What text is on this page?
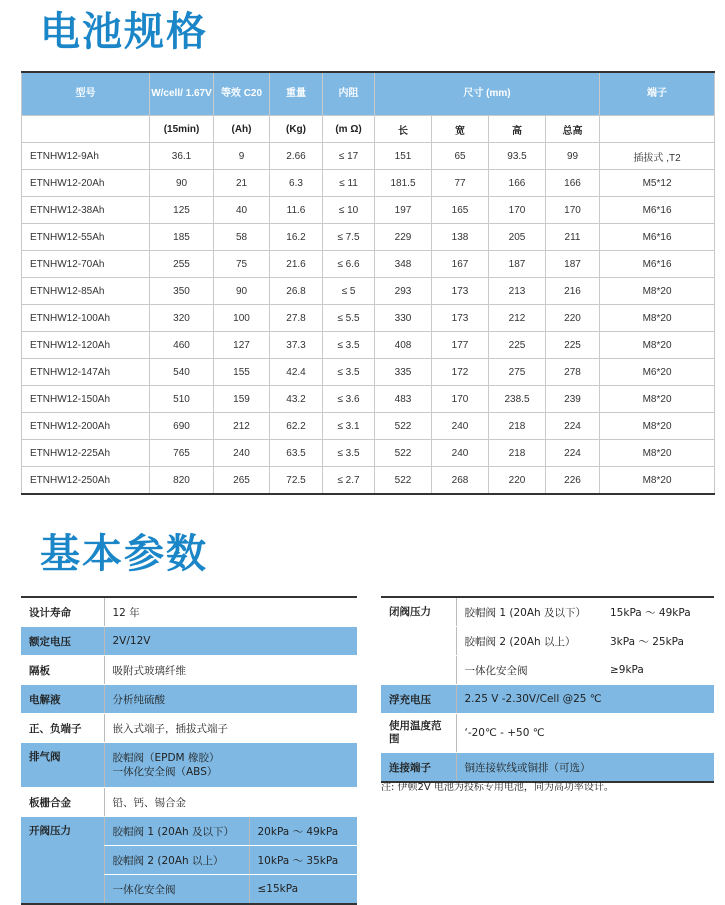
电池规格
型号	W/cell/ 1.67V	等效 C20	重量	内阻	尺寸 (mm)				端子
	(15min)	(Ah)	(Kg)	(m Ω)	长	宽	高	总高	
ETNHW12-9Ah	36.1	9	2.66	≤ 17	151	65	93.5	99	插拔式 ,T2
ETNHW12-20Ah	90	21	6.3	≤ 11	181.5	77	166	166	M5*12
ETNHW12-38Ah	125	40	11.6	≤ 10	197	165	170	170	M6*16
ETNHW12-55Ah	185	58	16.2	≤ 7.5	229	138	205	211	M6*16
ETNHW12-70Ah	255	75	21.6	≤ 6.6	348	167	187	187	M6*16
ETNHW12-85Ah	350	90	26.8	≤ 5	293	173	213	216	M8*20
ETNHW12-100Ah	320	100	27.8	≤ 5.5	330	173	212	220	M8*20
ETNHW12-120Ah	460	127	37.3	≤ 3.5	408	177	225	225	M8*20
ETNHW12-147Ah	540	155	42.4	≤ 3.5	335	172	275	278	M6*20
ETNHW12-150Ah	510	159	43.2	≤ 3.6	483	170	238.5	239	M8*20
ETNHW12-200Ah	690	212	62.2	≤ 3.1	522	240	218	224	M8*20
ETNHW12-225Ah	765	240	63.5	≤ 3.5	522	240	218	224	M8*20
ETNHW12-250Ah	820	265	72.5	≤ 2.7	522	268	220	226	M8*20
基本参数
设计寿命	12 年	
额定电压	2V/12V	
隔板	吸附式玻璃纤维	
电解液	分析纯硫酸	
正、负端子	嵌入式端子，插拔式端子	
排气阀	胶帽阀（EPDM 橡胶）
一体化安全阀（ABS）	

板栅合金	铅、钙、锡合金	
开阀压力	胶帽阀 1 (20Ah 及以下）	20kPa ～ 49kPa
	胶帽阀 2 (20Ah 以上）	10kPa ～ 35kPa
	一体化安全阀	≤15kPa
闭阀压力	胶帽阀 1 (20Ah 及以下）	15kPa ～ 49kPa
	胶帽阀 2 (20Ah 以上）	3kPa ～ 25kPa
	一体化安全阀	≥9kPa
浮充电压	2.25 V -2.30V/Cell @25 ℃	
使用温度范围	‘-20℃ - +50 ℃	
连接端子	铜连接软线或铜排（可选）	
注: 伊顿2V 电池为投标专用电池，同为高功率设计。
